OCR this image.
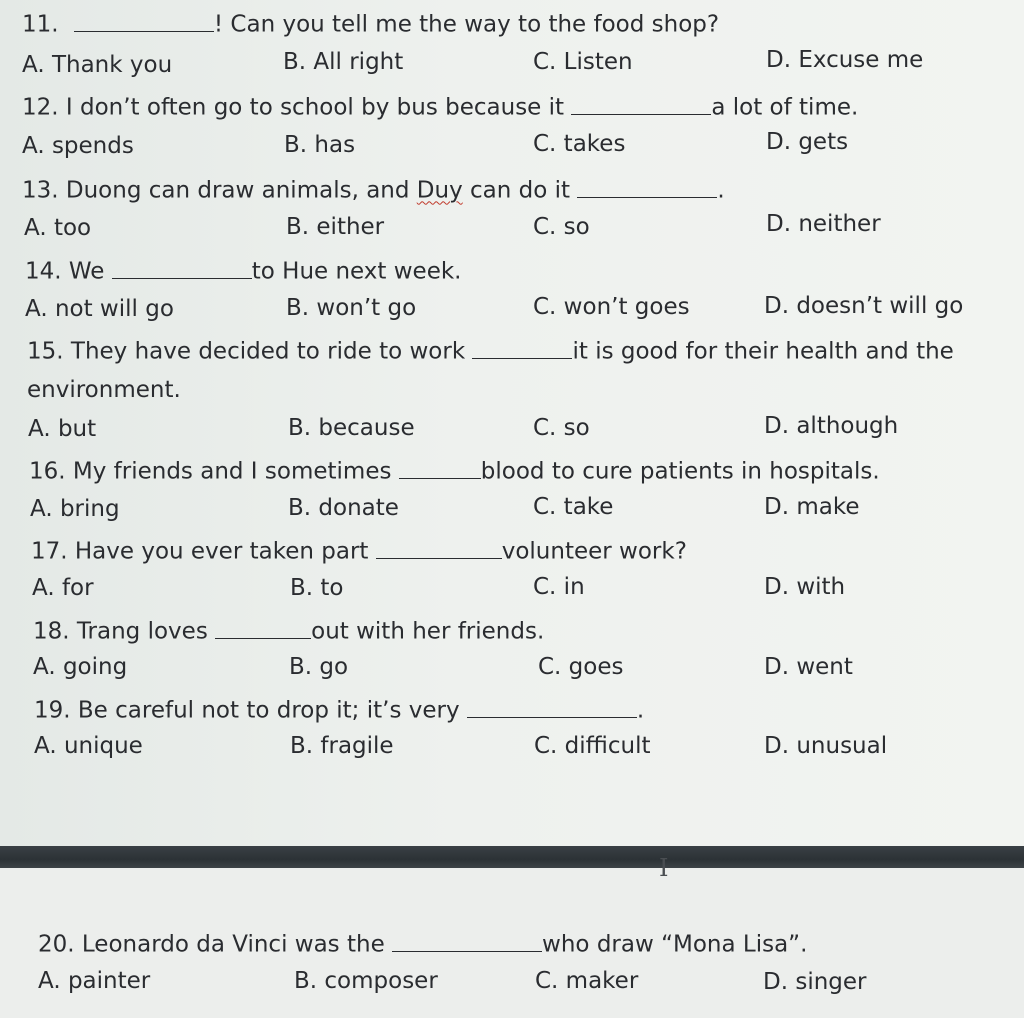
I
11.	! Can you tell me the way to the food shop?
A. Thank you	B. All right	C. Listen	D. Excuse me
12. I don’t often go to school by bus because it	a lot of time.
A. spends	B. has	C. takes	D. gets
13. Duong can draw animals, and Duy can do it	.
A. too	B. either	C. so	D. neither
14. We	to Hue next week.
A. not will go	B. won’t go	C. won’t goes	D. doesn’t will go
15. They have decided to ride to work	it is good for their health and the
environment.
A. but	B. because	C. so	D. although
16. My friends and I sometimes	blood to cure patients in hospitals.
A. bring	B. donate	C. take	D. make
17. Have you ever taken part	volunteer work?
A. for	B. to	C. in	D. with
18. Trang loves	out with her friends.
A. going	B. go	C. goes	D. went
19. Be careful not to drop it; it’s very	.
A. unique	B. fragile	C. difficult	D. unusual
20. Leonardo da Vinci was the	who draw “Mona Lisa”.
A. painter	B. composer	C. maker	D. singer
